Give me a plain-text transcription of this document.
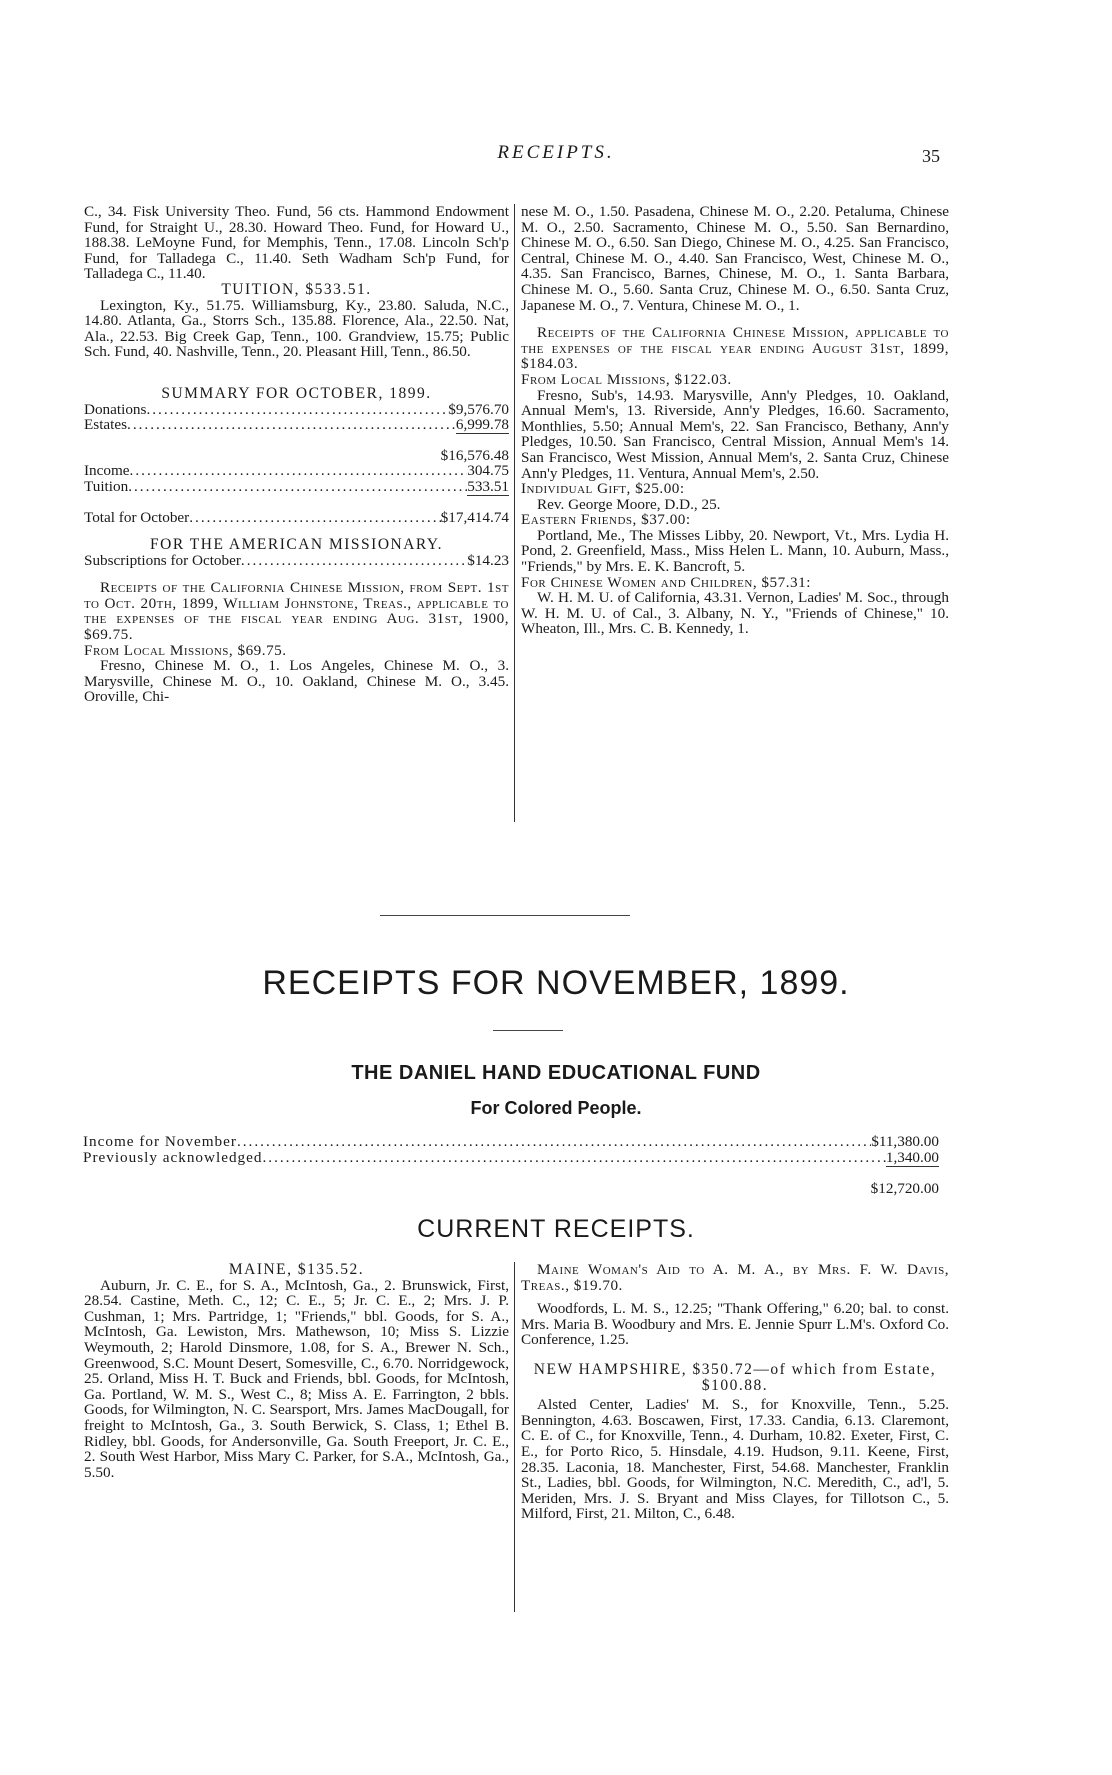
RECEIPTS.	35

C., 34. Fisk University Theo. Fund, 56 cts. Hammond Endowment Fund, for Straight U., 28.30. Howard Theo. Fund, for Howard U., 188.38. LeMoyne Fund, for Memphis, Tenn., 17.08. Lincoln Sch'p Fund, for Talladega C., 11.40. Seth Wadham Sch'p Fund, for Talladega C., 11.40.

TUITION, $533.51.

Lexington, Ky., 51.75. Williamsburg, Ky., 23.80. Saluda, N.C., 14.80. Atlanta, Ga., Storrs Sch., 135.88. Florence, Ala., 22.50. Nat, Ala., 22.53. Big Creek Gap, Tenn., 100. Grandview, 15.75; Public Sch. Fund, 40. Nashville, Tenn., 20. Pleasant Hill, Tenn., 86.50.

SUMMARY FOR OCTOBER, 1899.

Donations .....	$9,576.70
Estates .....	6,999.78
$16,576.48
Income .....	304.75
Tuition .....	533.51
Total for October .....	$17,414.74

FOR THE AMERICAN MISSIONARY.

Subscriptions for October .....	$14.23

Receipts of the California Chinese Mission, from Sept. 1st to Oct. 20th, 1899, William Johnstone, Treas., applicable to the expenses of the fiscal year ending Aug. 31st, 1900, $69.75.

From Local Missions, $69.75.

Fresno, Chinese M. O., 1. Los Angeles, Chinese M. O., 3. Marysville, Chinese M. O., 10. Oakland, Chinese M. O., 3.45. Oroville, Chi-

nese M. O., 1.50. Pasadena, Chinese M. O., 2.20. Petaluma, Chinese M. O., 2.50. Sacramento, Chinese M. O., 5.50. San Bernardino, Chinese M. O., 6.50. San Diego, Chinese M. O., 4.25. San Francisco, Central, Chinese M. O., 4.40. San Francisco, West, Chinese M. O., 4.35. San Francisco, Barnes, Chinese, M. O., 1. Santa Barbara, Chinese M. O., 5.60. Santa Cruz, Chinese M. O., 6.50. Santa Cruz, Japanese M. O., 7. Ventura, Chinese M. O., 1.

Receipts of the California Chinese Mission, applicable to the expenses of the fiscal year ending August 31st, 1899, $184.03.

From Local Missions, $122.03.

Fresno, Sub's, 14.93. Marysville, Ann'y Pledges, 10. Oakland, Annual Mem's, 13. Riverside, Ann'y Pledges, 16.60. Sacramento, Monthlies, 5.50; Annual Mem's, 22. San Francisco, Bethany, Ann'y Pledges, 10.50. San Francisco, Central Mission, Annual Mem's 14. San Francisco, West Mission, Annual Mem's, 2. Santa Cruz, Chinese Ann'y Pledges, 11. Ventura, Annual Mem's, 2.50.

Individual Gift, $25.00:

Rev. George Moore, D.D., 25.

Eastern Friends, $37.00:

Portland, Me., The Misses Libby, 20. Newport, Vt., Mrs. Lydia H. Pond, 2. Greenfield, Mass., Miss Helen L. Mann, 10. Auburn, Mass., "Friends," by Mrs. E. K. Bancroft, 5.

For Chinese Women and Children, $57.31:

W. H. M. U. of California, 43.31. Vernon, Ladies' M. Soc., through W. H. M. U. of Cal., 3. Albany, N. Y., "Friends of Chinese," 10. Wheaton, Ill., Mrs. C. B. Kennedy, 1.

RECEIPTS FOR NOVEMBER, 1899.
THE DANIEL HAND EDUCATIONAL FUND
For Colored People.
Income for November .....	$11,380.00
Previously acknowledged .....	1,340.00
$12,720.00
CURRENT RECEIPTS.

MAINE, $135.52.

Auburn, Jr. C. E., for S. A., McIntosh, Ga., 2. Brunswick, First, 28.54. Castine, Meth. C., 12; C. E., 5; Jr. C. E., 2; Mrs. J. P. Cushman, 1; Mrs. Partridge, 1; "Friends," bbl. Goods, for S. A., McIntosh, Ga. Lewiston, Mrs. Mathewson, 10; Miss S. Lizzie Weymouth, 2; Harold Dinsmore, 1.08, for S. A., Brewer N. Sch., Greenwood, S.C. Mount Desert, Somesville, C., 6.70. Norridgewock, 25. Orland, Miss H. T. Buck and Friends, bbl. Goods, for McIntosh, Ga. Portland, W. M. S., West C., 8; Miss A. E. Farrington, 2 bbls. Goods, for Wilmington, N. C. Searsport, Mrs. James MacDougall, for freight to McIntosh, Ga., 3. South Berwick, S. Class, 1; Ethel B. Ridley, bbl. Goods, for Andersonville, Ga. South Freeport, Jr. C. E., 2. South West Harbor, Miss Mary C. Parker, for S.A., McIntosh, Ga., 5.50.

Maine Woman's Aid to A. M. A., by Mrs. F. W. Davis, Treas., $19.70.

Woodfords, L. M. S., 12.25; "Thank Offering," 6.20; bal. to const. Mrs. Maria B. Woodbury and Mrs. E. Jennie Spurr L.M's. Oxford Co. Conference, 1.25.

NEW HAMPSHIRE, $350.72—of which from Estate, $100.88.

Alsted Center, Ladies' M. S., for Knoxville, Tenn., 5.25. Bennington, 4.63. Boscawen, First, 17.33. Candia, 6.13. Claremont, C. E. of C., for Knoxville, Tenn., 4. Durham, 10.82. Exeter, First, C. E., for Porto Rico, 5. Hinsdale, 4.19. Hudson, 9.11. Keene, First, 28.35. Laconia, 18. Manchester, First, 54.68. Manchester, Franklin St., Ladies, bbl. Goods, for Wilmington, N.C. Meredith, C., ad'l, 5. Meriden, Mrs. J. S. Bryant and Miss Clayes, for Tillotson C., 5. Milford, First, 21. Milton, C., 6.48.
